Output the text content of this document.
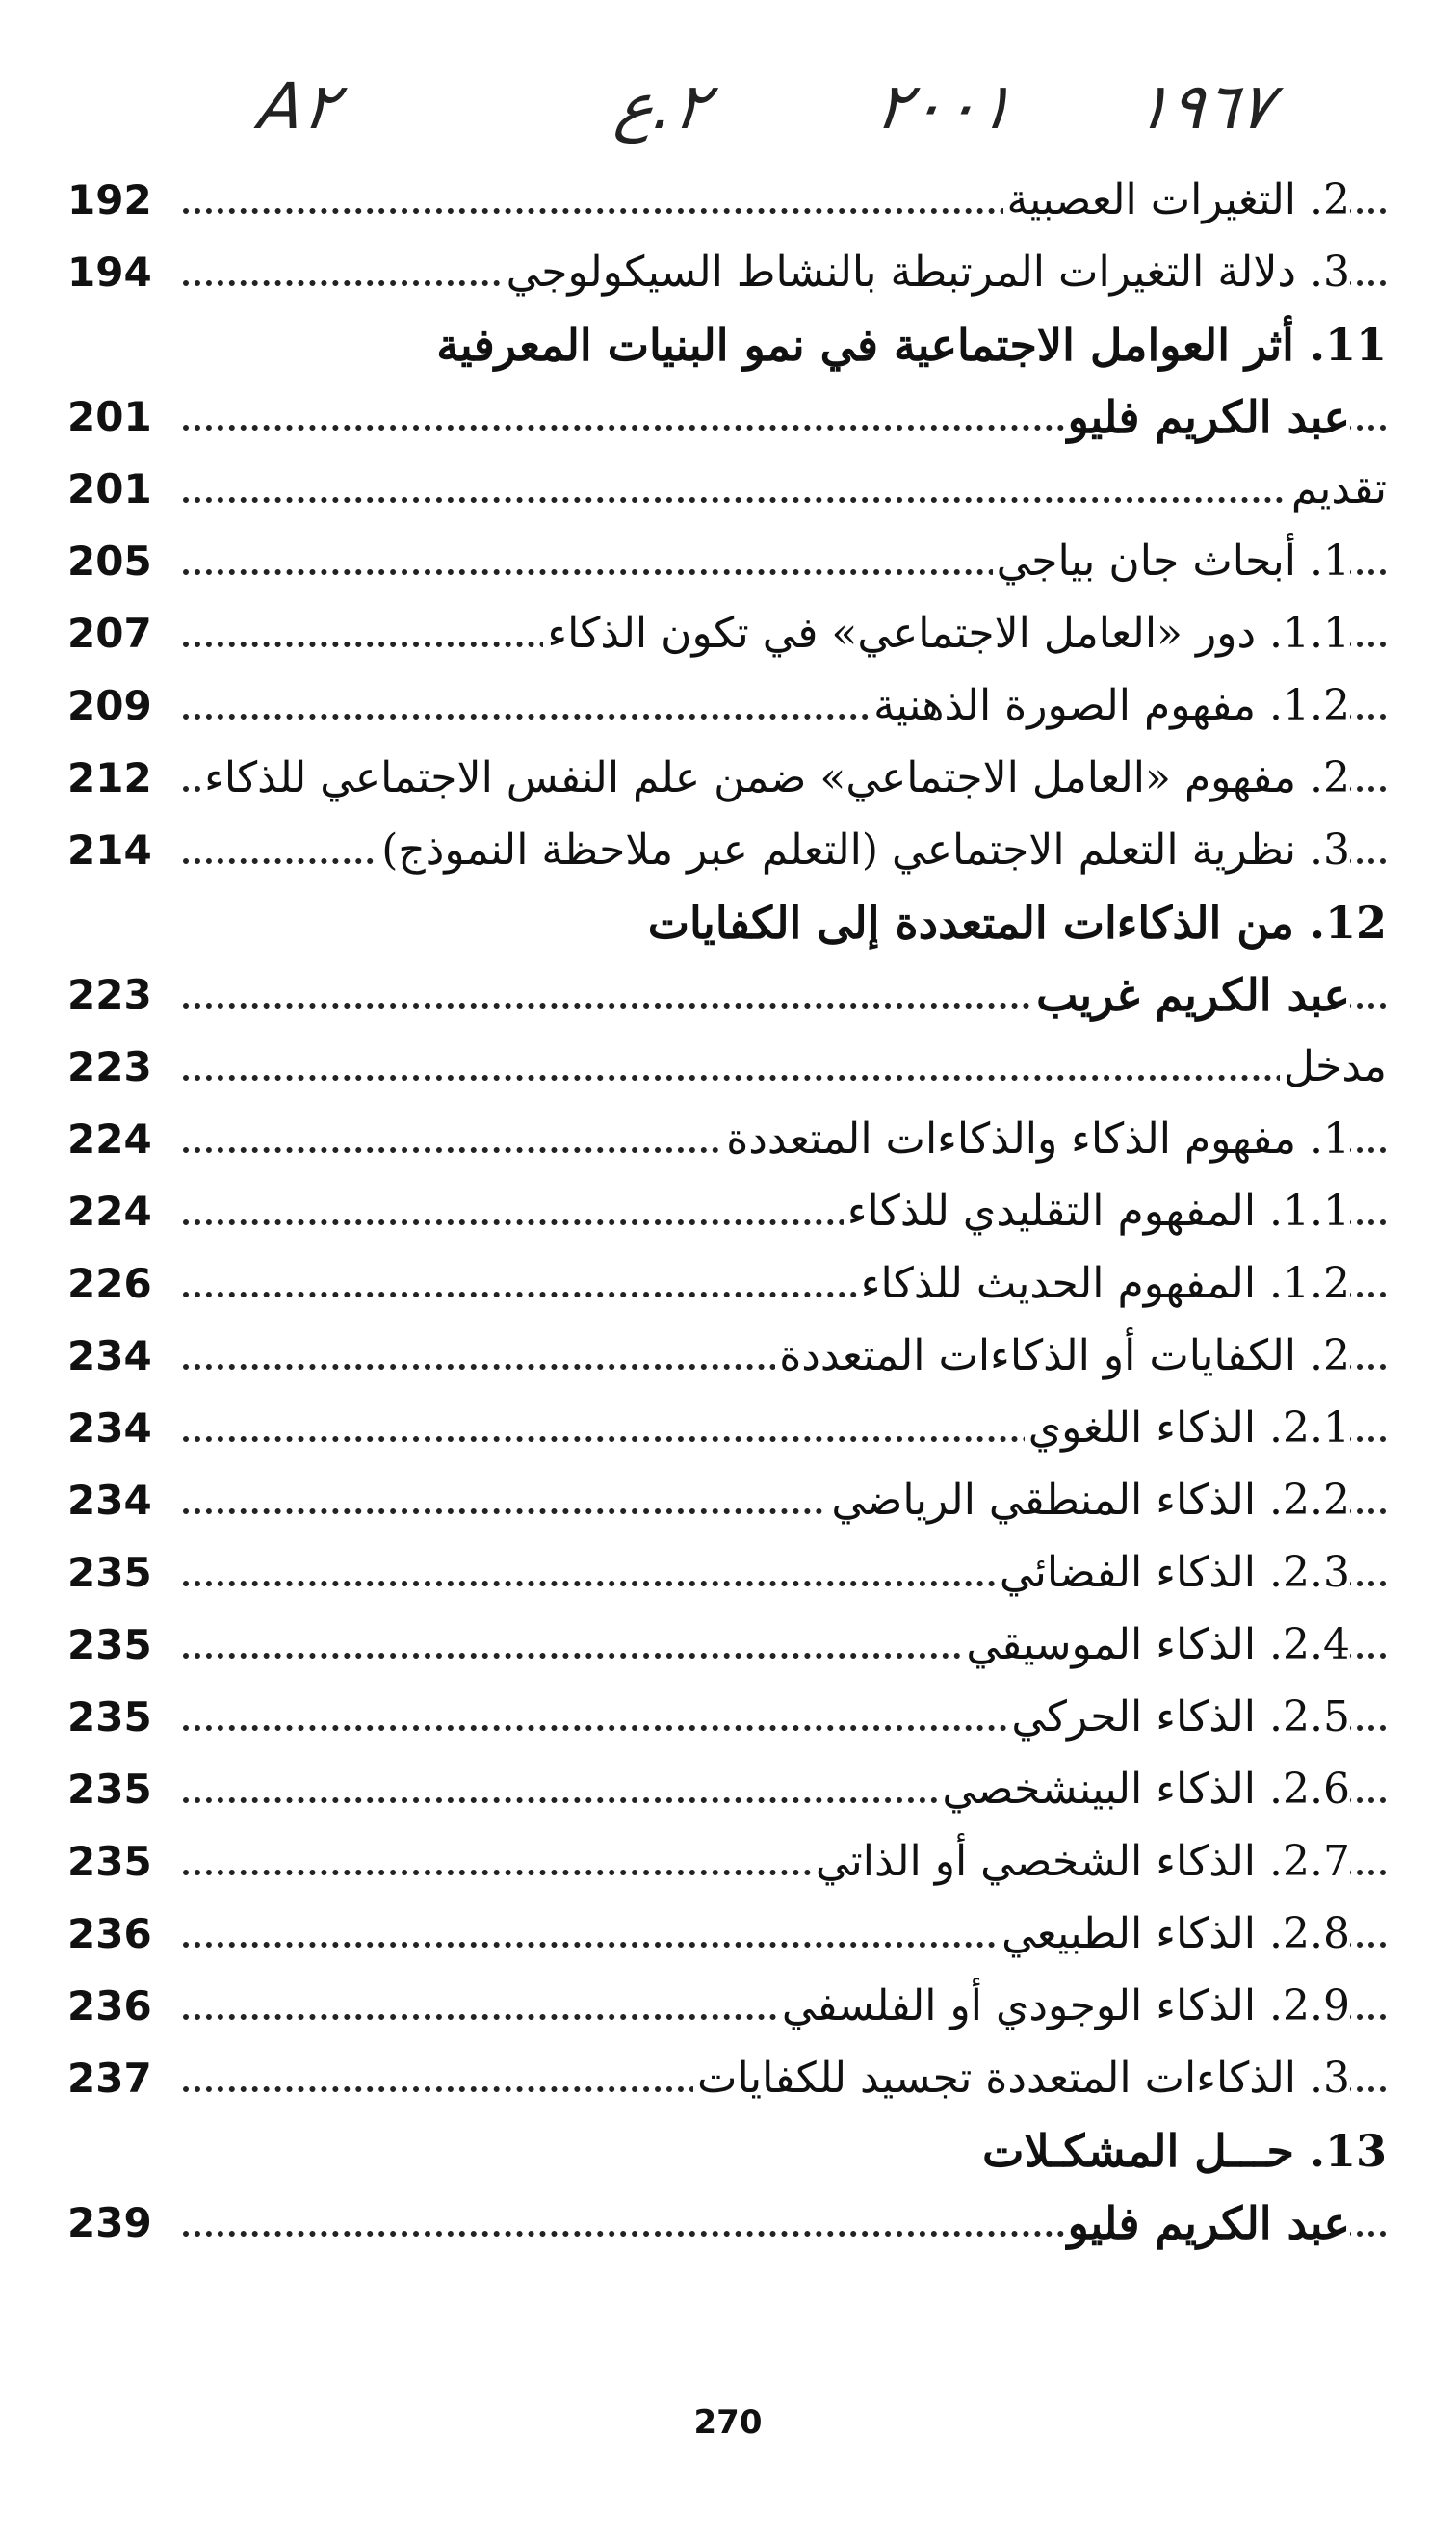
A٢	٢.ع ٢٠٠١ ١٩٦٧
2. التغيرات العصبية
192
3. دلالة التغيرات المرتبطة بالنشاط السيكولوجي
194
11. أثر العوامل الاجتماعية في نمو البنيات المعرفية
عبد الكريم فليو
201
تقديم
201
1. أبحاث جان بياجي
205
1.1. دور «العامل الاجتماعي» في تكون الذكاء
207
1.2. مفهوم الصورة الذهنية
209
2. مفهوم «العامل الاجتماعي» ضمن علم النفس الاجتماعي للذكاء
212
3. نظرية التعلم الاجتماعي (التعلم عبر ملاحظة النموذج)
214
12. من الذكاءات المتعددة إلى الكفايات
عبد الكريم غريب
223
مدخل
223
1. مفهوم الذكاء والذكاءات المتعددة
224
1.1. المفهوم التقليدي للذكاء
224
1.2. المفهوم الحديث للذكاء
226
2. الكفايات أو الذكاءات المتعددة
234
2.1. الذكاء اللغوي
234
2.2. الذكاء المنطقي الرياضي
234
2.3. الذكاء الفضائي
235
2.4. الذكاء الموسيقي
235
2.5. الذكاء الحركي
235
2.6. الذكاء البينشخصي
235
2.7. الذكاء الشخصي أو الذاتي
235
2.8. الذكاء الطبيعي
236
2.9. الذكاء الوجودي أو الفلسفي
236
3. الذكاءات المتعددة تجسيد للكفايات
237
13. حـــل المشكـلات
عبد الكريم فليو
239
270
